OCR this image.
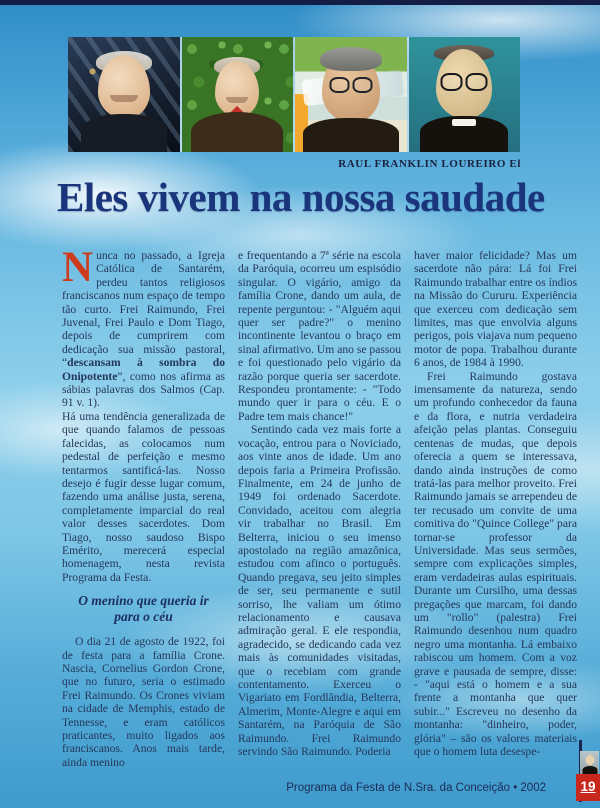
RAUL FRANKLIN LOUREIRO El
Eles vivem na nossa saudade

Nunca no passado, a Igreja Católica de Santarém, perdeu tantos religiosos franciscanos num espaço de tempo tão curto. Frei Raimundo, Frei Juvenal, Frei Paulo e Dom Tiago, depois de cumprirem com dedicação sua missão pastoral, “descansam à sombra do Onipotente”, como nos afirma as sábias palavras dos Salmos (Cap. 91 v. 1).

Há uma tendência generalizada de que quando falamos de pessoas falecidas, as colocamos num pedestal de perfeição e mesmo tentarmos santificá-las. Nosso desejo é fugir desse lugar comum, fazendo uma análise justa, serena, completamente imparcial do real valor desses sacerdotes. Dom Tiago, nosso saudoso Bispo Emérito, merecerá especial homenagem, nesta revista Programa da Festa.

O menino que queria ir
para o céu

O dia 21 de agosto de 1922, foi de festa para a família Crone. Nascia, Cornelius Gordon Crone, que no futuro, seria o estimado Frei Raimundo. Os Crones viviam na cidade de Memphis, estado de Tennesse, e eram católicos praticantes, muito ligados aos franciscanos. Anos mais tarde, ainda menino

e frequentando a 7ª série na escola da Paróquia, ocorreu um espisódio singular. O vigário, amigo da família Crone, dando um aula, de repente perguntou: - "Alguém aqui quer ser padre?" o menino incontinente levantou o braço em sinal afirmativo. Um ano se passou e foi questionado pelo vigário da razão porque queria ser sacerdote. Respondeu prontamente: - "Todo mundo quer ir para o céu. E o Padre tem mais chance!"

Sentindo cada vez mais forte a vocação, entrou para o Noviciado, aos vinte anos de idade. Um ano depois faria a Primeira Profissão. Finalmente, em 24 de junho de 1949 foi ordenado Sacerdote. Convidado, aceitou com alegria vir trabalhar no Brasil. Em Belterra, iniciou o seu imenso apostolado na região amazônica, estudou com afinco o português. Quando pregava, seu jeito simples de ser, seu permanente e sutil sorriso, lhe valiam um ótimo relacionamento e causava admiração geral. E ele respondia, agradecido, se dedicando cada vez mais às comunidades visitadas, que o recebiam com grande contentamento. Exerceu o Vigariato em Fordlândia, Belterra, Almerim, Monte-Alegre e aqui em Santarém, na Paróquia de São Raimundo. Frei Raimundo servindo São Raimundo. Poderia

haver maior felicidade? Mas um sacerdote não pára: Lá foi Frei Raimundo trabalhar entre os índios na Missão do Cururu. Experiência que exerceu com dedicação sem limites, mas que envolvia alguns perigos, pois viajava num pequeno motor de popa. Trabalhou durante 6 anos, de 1984 à 1990.

Frei Raimundo gostava imensamente da natureza, sendo um profundo conhecedor da fauna e da flora, e nutria verdadeira afeição pelas plantas. Conseguiu centenas de mudas, que depois oferecia a quem se interessava, dando ainda instruções de como tratá-las para melhor proveito. Frei Raimundo jamais se arrependeu de ter recusado um convite de uma comitiva do "Quince College" para tornar-se professor da Universidade. Mas seus sermões, sempre com explicações simples, eram verdadeiras aulas espirituais. Durante um Cursilho, uma dessas pregações que marcam, foi dando um "rollo" (palestra) Frei Raimundo desenhou num quadro negro uma montanha. Lá embaixo rabiscou um homem. Com a voz grave e pausada de sempre, disse: - "aqui está o homem e a sua frente a montanha que quer subir..." Escreveu no desenho da montanha: "dinheiro, poder, glória" – são os valores materiais que o homem luta desespe-

Programa da Festa de N.Sra. da Conceição • 2002	19
